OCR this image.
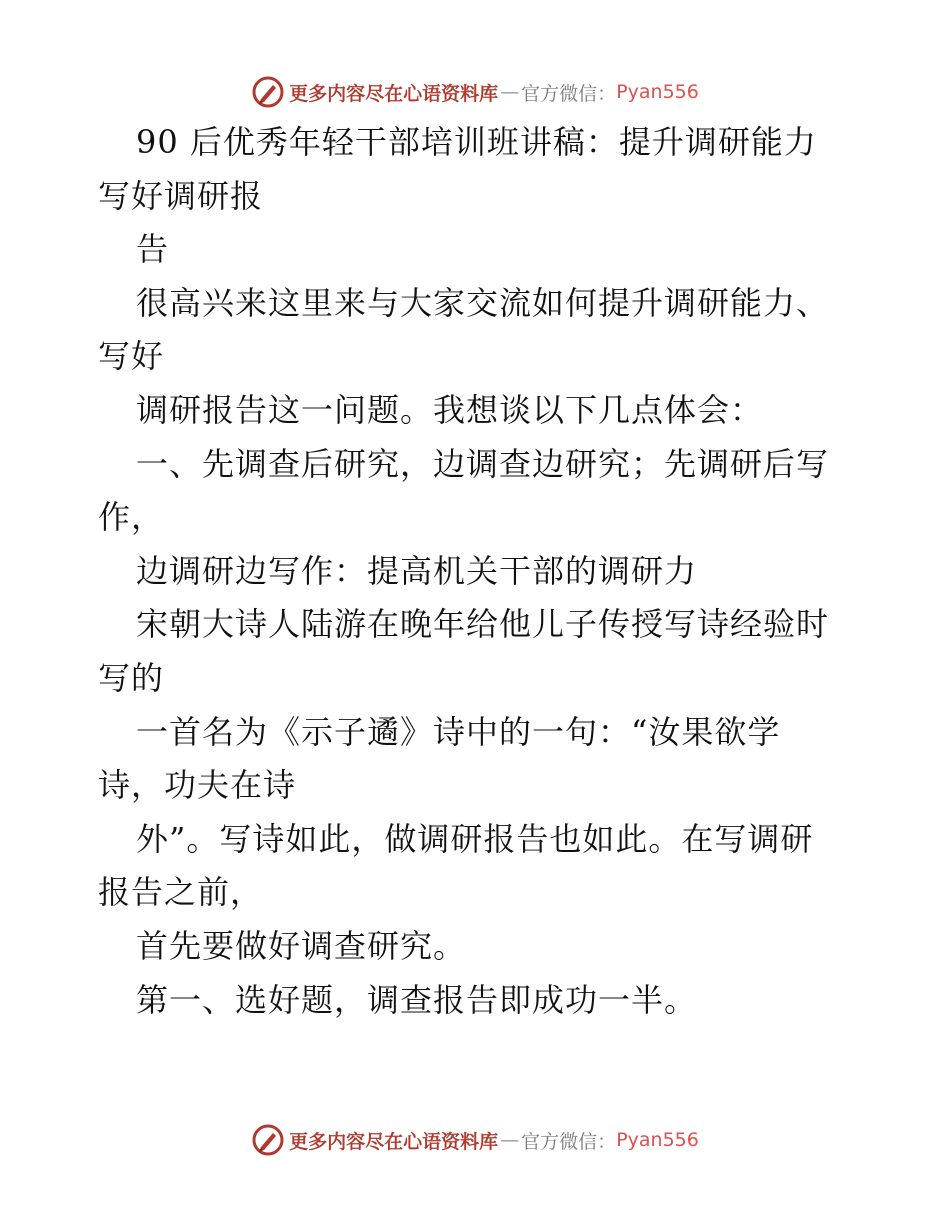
更多内容尽在心语资料库 — 官方微信： Pyan556
90 后优秀年轻干部培训班讲稿：提升调研能力
写好调研报
告
很高兴来这里来与大家交流如何提升调研能力、
写好
调研报告这一问题。我想谈以下几点体会：
一、先调查后研究，边调查边研究；先调研后写
作，
边调研边写作：提高机关干部的调研力
宋朝大诗人陆游在晚年给他儿子传授写诗经验时
写的
一首名为《示子遹》诗中的一句：“汝果欲学
诗，功夫在诗
外”。写诗如此，做调研报告也如此。在写调研
报告之前，
首先要做好调查研究。
第一、选好题，调查报告即成功一半。
更多内容尽在心语资料库 — 官方微信： Pyan556
